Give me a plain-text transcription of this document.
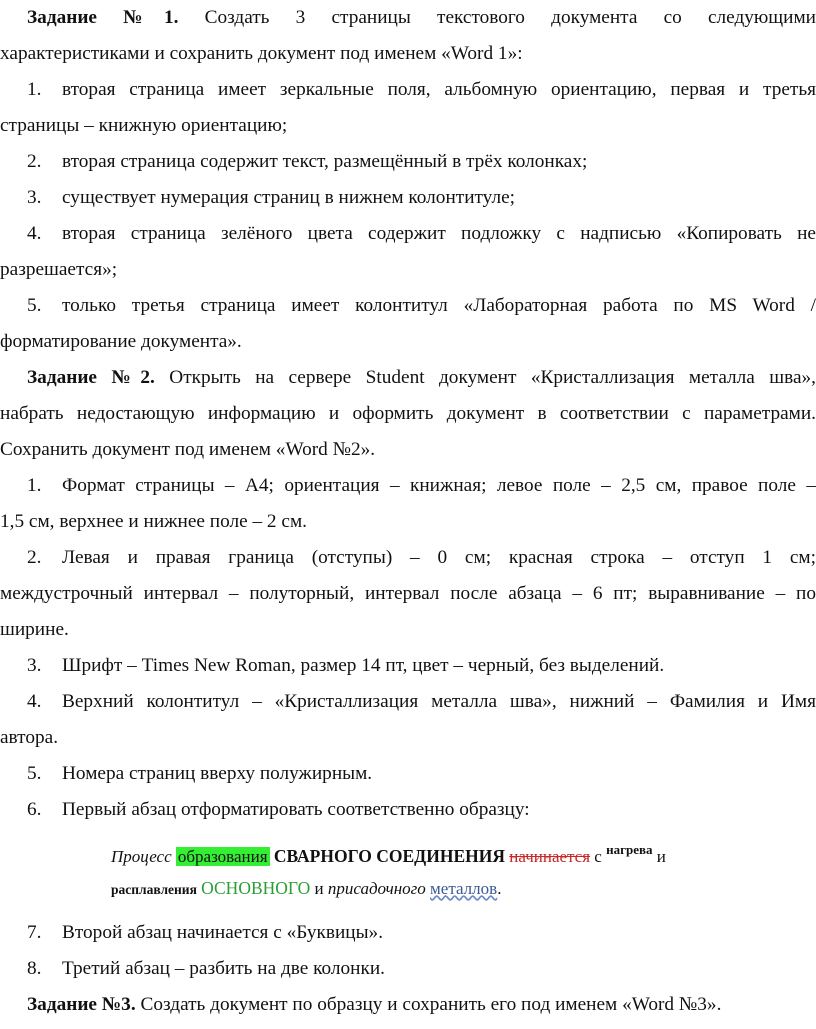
Задание №1. Создать 3 страницы текстового документа со следующими
характеристиками и сохранить документ под именем «Word 1»:
1. вторая страница имеет зеркальные поля, альбомную ориентацию, первая и третья
страницы – книжную ориентацию;
2. вторая страница содержит текст, размещённый в трёх колонках;
3. существует нумерация страниц в нижнем колонтитуле;
4. вторая страница зелёного цвета содержит подложку с надписью «Копировать не
разрешается»;
5. только третья страница имеет колонтитул «Лабораторная работа по MS Word /
форматирование документа».
Задание №2. Открыть на сервере Student документ «Кристаллизация металла шва»,
набрать недостающую информацию и оформить документ в соответствии с параметрами.
Сохранить документ под именем «Word №2».
1. Формат страницы – А4; ориентация – книжная; левое поле – 2,5 см, правое поле –
1,5 см, верхнее и нижнее поле – 2 см.
2. Левая и правая граница (отступы) – 0 см; красная строка – отступ 1 см;
междустрочный интервал – полуторный, интервал после абзаца – 6 пт; выравнивание – по
ширине.
3. Шрифт – Times New Roman, размер 14 пт, цвет – черный, без выделений.
4. Верхний колонтитул – «Кристаллизация металла шва», нижний – Фамилия и Имя
автора.
5. Номера страниц вверху полужирным.
6. Первый абзац отформатировать соответственно образцу:
Процесс образования СВАРНОГО СОЕДИНЕНИЯ начинается с $^{нагрева}$ и
расплавления ОСНОВНОГО и присадочного металлов.
7. Второй абзац начинается с «Буквицы».
8. Третий абзац – разбить на две колонки.
Задание №3. Создать документ по образцу и сохранить его под именем «Word №3».
